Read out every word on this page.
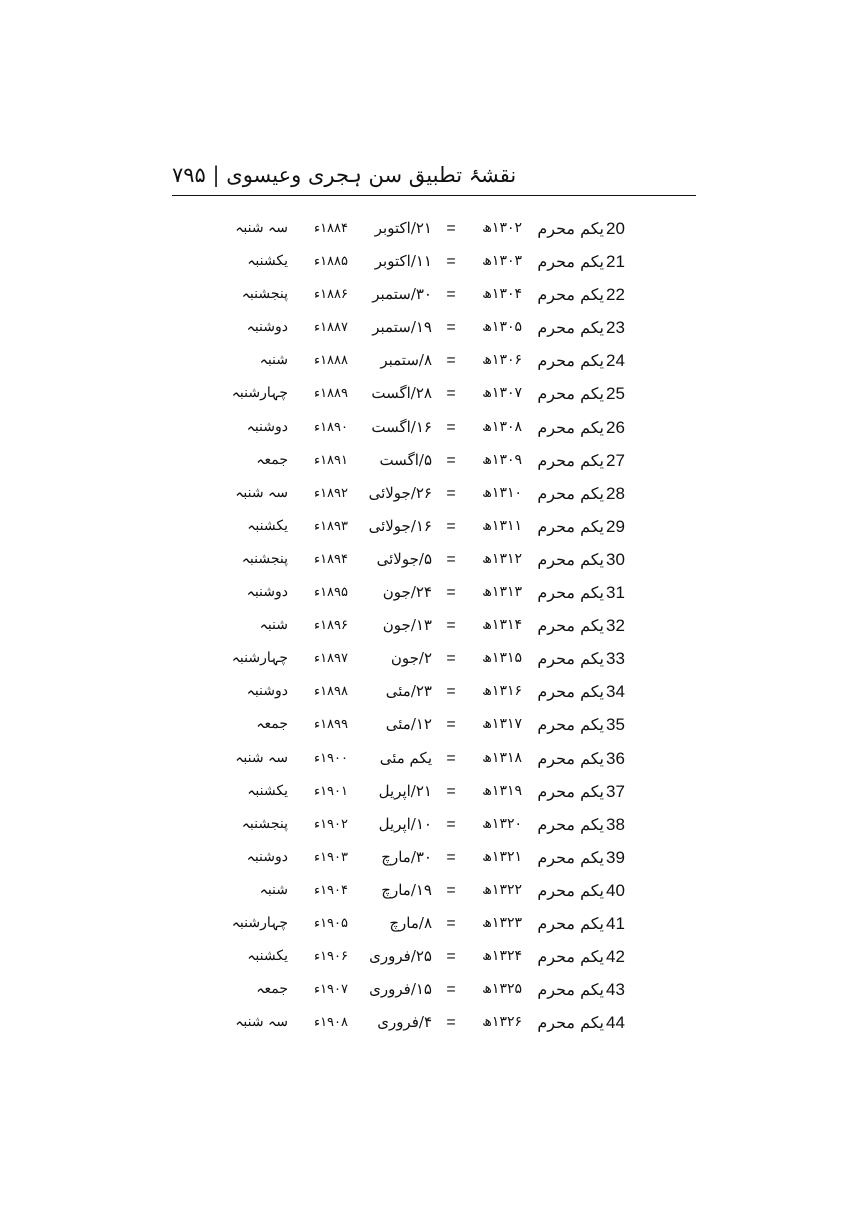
نقشۂ تطبیق سن ہجری وعیسوی | ۷۹۵
20
یکم محرم
۱۳۰۲ھ
=
۲۱/اکتوبر
۱۸۸۴ء
سہ شنبہ
21
یکم محرم
۱۳۰۳ھ
=
۱۱/اکتوبر
۱۸۸۵ء
یکشنبہ
22
یکم محرم
۱۳۰۴ھ
=
۳۰/ستمبر
۱۸۸۶ء
پنجشنبہ
23
یکم محرم
۱۳۰۵ھ
=
۱۹/ستمبر
۱۸۸۷ء
دوشنبہ
24
یکم محرم
۱۳۰۶ھ
=
۸/ستمبر
۱۸۸۸ء
شنبہ
25
یکم محرم
۱۳۰۷ھ
=
۲۸/اگست
۱۸۸۹ء
چہارشنبہ
26
یکم محرم
۱۳۰۸ھ
=
۱۶/اگست
۱۸۹۰ء
دوشنبہ
27
یکم محرم
۱۳۰۹ھ
=
۵/اگست
۱۸۹۱ء
جمعہ
28
یکم محرم
۱۳۱۰ھ
=
۲۶/جولائی
۱۸۹۲ء
سہ شنبہ
29
یکم محرم
۱۳۱۱ھ
=
۱۶/جولائی
۱۸۹۳ء
یکشنبہ
30
یکم محرم
۱۳۱۲ھ
=
۵/جولائی
۱۸۹۴ء
پنجشنبہ
31
یکم محرم
۱۳۱۳ھ
=
۲۴/جون
۱۸۹۵ء
دوشنبہ
32
یکم محرم
۱۳۱۴ھ
=
۱۳/جون
۱۸۹۶ء
شنبہ
33
یکم محرم
۱۳۱۵ھ
=
۲/جون
۱۸۹۷ء
چہارشنبہ
34
یکم محرم
۱۳۱۶ھ
=
۲۳/مئی
۱۸۹۸ء
دوشنبہ
35
یکم محرم
۱۳۱۷ھ
=
۱۲/مئی
۱۸۹۹ء
جمعہ
36
یکم محرم
۱۳۱۸ھ
=
یکم مئی
۱۹۰۰ء
سہ شنبہ
37
یکم محرم
۱۳۱۹ھ
=
۲۱/اپریل
۱۹۰۱ء
یکشنبہ
38
یکم محرم
۱۳۲۰ھ
=
۱۰/اپریل
۱۹۰۲ء
پنجشنبہ
39
یکم محرم
۱۳۲۱ھ
=
۳۰/مارچ
۱۹۰۳ء
دوشنبہ
40
یکم محرم
۱۳۲۲ھ
=
۱۹/مارچ
۱۹۰۴ء
شنبہ
41
یکم محرم
۱۳۲۳ھ
=
۸/مارچ
۱۹۰۵ء
چہارشنبہ
42
یکم محرم
۱۳۲۴ھ
=
۲۵/فروری
۱۹۰۶ء
یکشنبہ
43
یکم محرم
۱۳۲۵ھ
=
۱۵/فروری
۱۹۰۷ء
جمعہ
44
یکم محرم
۱۳۲۶ھ
=
۴/فروری
۱۹۰۸ء
سہ شنبہ
